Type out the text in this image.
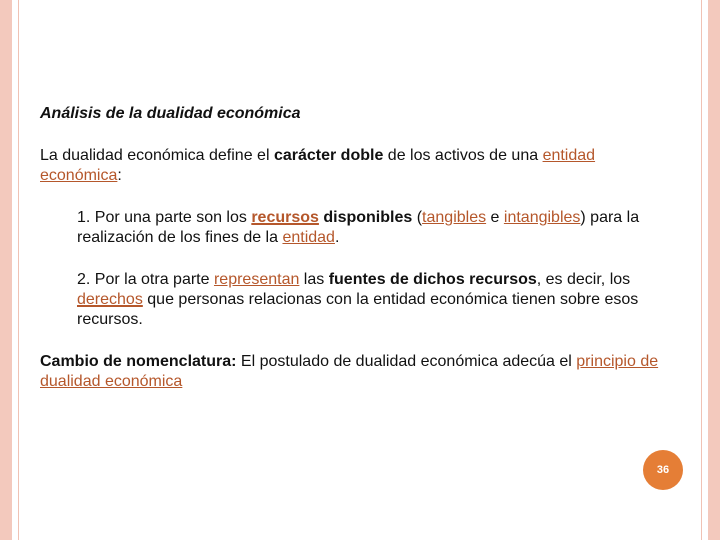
Análisis de la dualidad económica

La dualidad económica define el carácter doble de los activos de una entidad económica:

1. Por una parte son los recursos disponibles (tangibles e intangibles) para la realización de los fines de la entidad.

2. Por la otra parte representan las fuentes de dichos recursos, es decir, los derechos que personas relacionas con la entidad económica tienen sobre esos recursos.

Cambio de nomenclatura: El postulado de dualidad económica adecúa el principio de dualidad económica

36
